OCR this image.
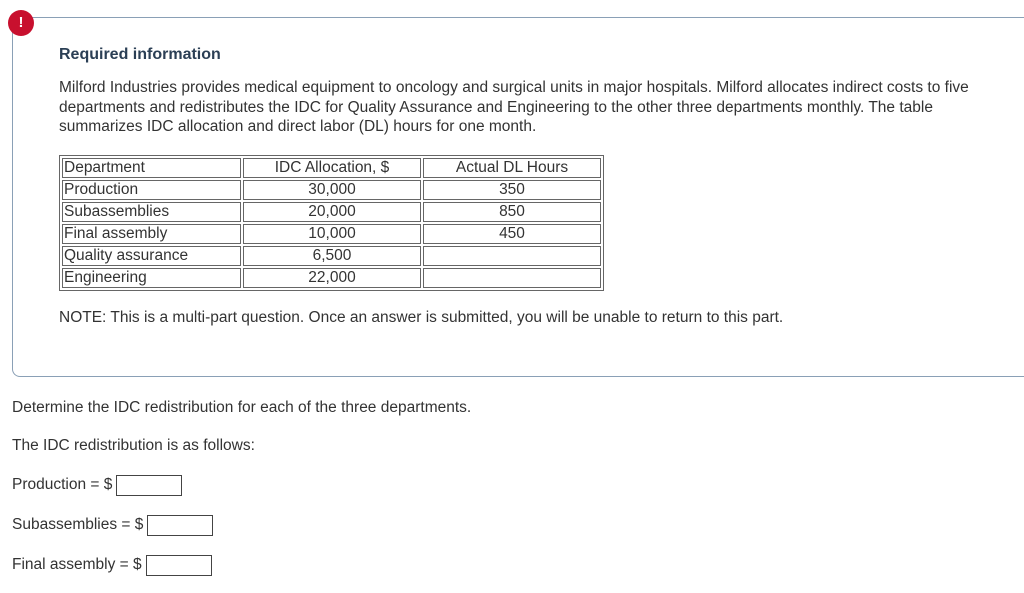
!
Required information
Milford Industries provides medical equipment to oncology and surgical units in major hospitals. Milford allocates indirect costs to five departments and redistributes the IDC for Quality Assurance and Engineering to the other three departments monthly. The table summarizes IDC allocation and direct labor (DL) hours for one month.
Department	IDC Allocation, $	Actual DL Hours
Production	30,000	350
Subassemblies	20,000	850
Final assembly	10,000	450
Quality assurance	6,500	
Engineering	22,000	
NOTE: This is a multi-part question. Once an answer is submitted, you will be unable to return to this part.
Determine the IDC redistribution for each of the three departments.
The IDC redistribution is as follows:
Production = $
Subassemblies = $
Final assembly = $
